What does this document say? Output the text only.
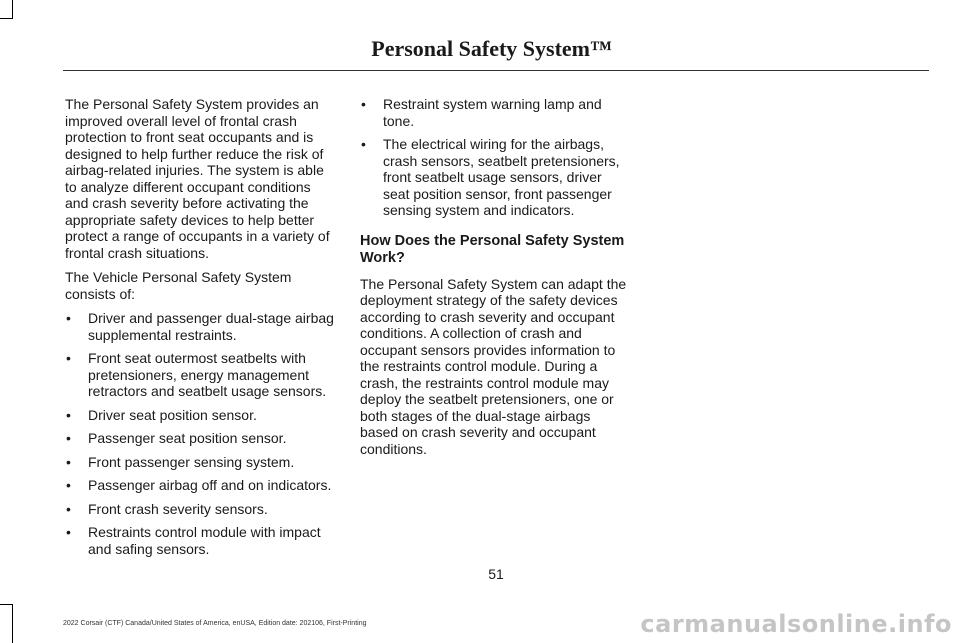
Personal Safety System™

The Personal Safety System provides an improved overall level of frontal crash protection to front seat occupants and is designed to help further reduce the risk of airbag-related injuries. The system is able to analyze different occupant conditions and crash severity before activating the appropriate safety devices to help better protect a range of occupants in a variety of frontal crash situations.

The Vehicle Personal Safety System consists of:

• Driver and passenger dual-stage airbag supplemental restraints.
• Front seat outermost seatbelts with pretensioners, energy management retractors and seatbelt usage sensors.
• Driver seat position sensor.
• Passenger seat position sensor.
• Front passenger sensing system.
• Passenger airbag off and on indicators.
• Front crash severity sensors.
• Restraints control module with impact and safing sensors.
• Restraint system warning lamp and tone.
• The electrical wiring for the airbags, crash sensors, seatbelt pretensioners, front seatbelt usage sensors, driver seat position sensor, front passenger sensing system and indicators.
How Does the Personal Safety System Work?

The Personal Safety System can adapt the deployment strategy of the safety devices according to crash severity and occupant conditions. A collection of crash and occupant sensors provides information to the restraints control module. During a crash, the restraints control module may deploy the seatbelt pretensioners, one or both stages of the dual-stage airbags based on crash severity and occupant conditions.

51
2022 Corsair (CTF) Canada/United States of America, enUSA, Edition date: 202106, First-Printing	carmanualsonline.info
